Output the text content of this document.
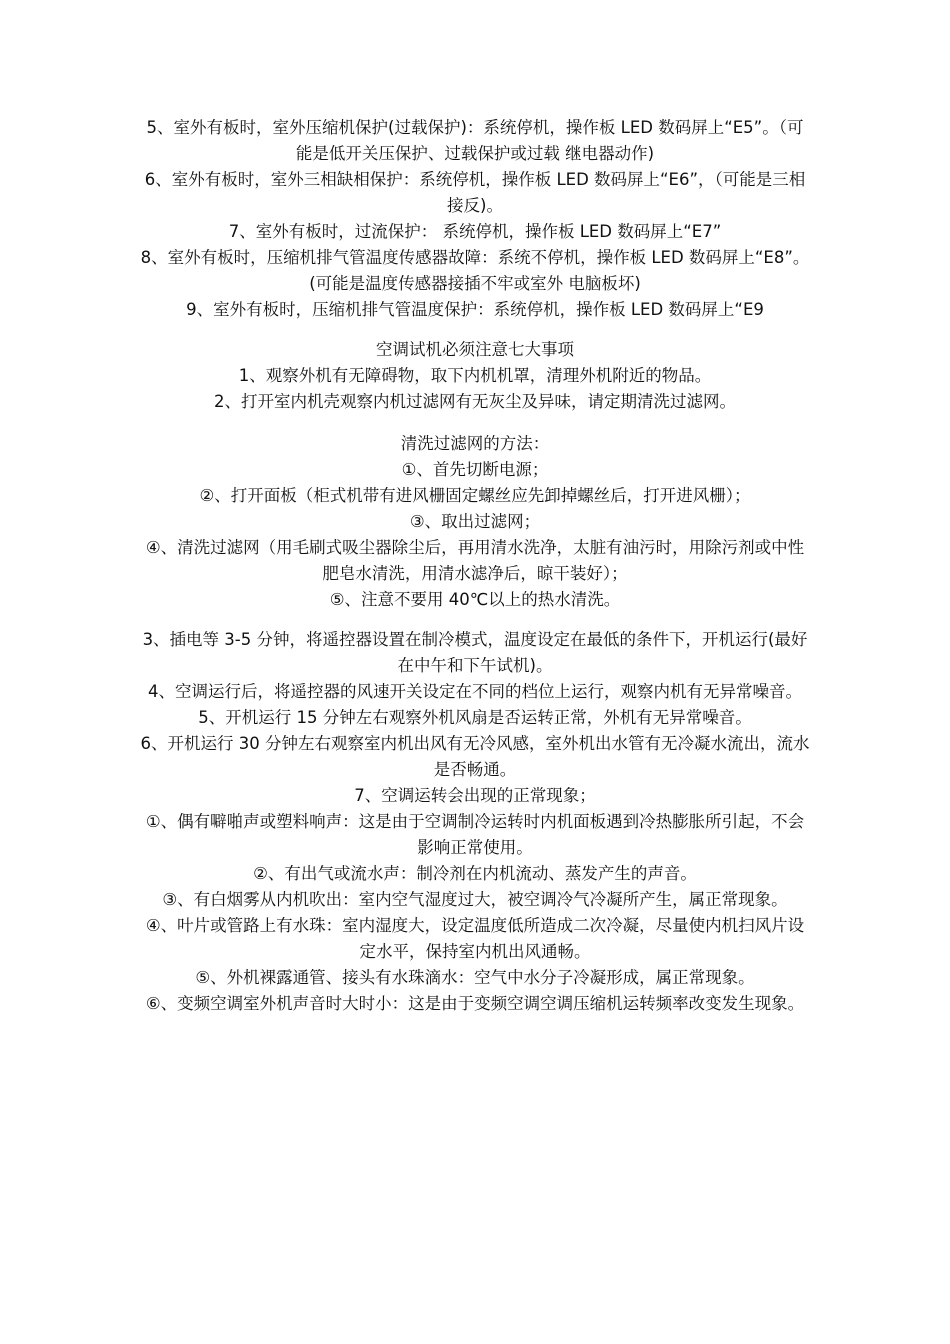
5、室外有板时，室外压缩机保护(过载保护)：系统停机，操作板 LED 数码屏上“E5”。（可能是低开关压保护、过载保护或过载 继电器动作)

6、室外有板时，室外三相缺相保护：系统停机，操作板 LED 数码屏上“E6”，（可能是三相接反)。

7、室外有板时，过流保护： 系统停机，操作板 LED 数码屏上“E7”

8、室外有板时，压缩机排气管温度传感器故障：系统不停机，操作板 LED 数码屏上“E8”。

(可能是温度传感器接插不牢或室外 电脑板坏)

9、室外有板时，压缩机排气管温度保护：系统停机，操作板 LED 数码屏上“E9

空调试机必须注意七大事项

1、观察外机有无障碍物，取下内机机罩，清理外机附近的物品。

2、打开室内机壳观察内机过滤网有无灰尘及异味，请定期清洗过滤网。

清洗过滤网的方法：

①、首先切断电源；

②、打开面板（柜式机带有进风栅固定螺丝应先卸掉螺丝后，打开进风栅）；

③、取出过滤网；

④、清洗过滤网（用毛刷式吸尘器除尘后，再用清水洗净，太脏有油污时，用除污剂或中性肥皂水清洗，用清水滤净后，晾干装好）；

⑤、注意不要用 40℃以上的热水清洗。

3、插电等 3-5 分钟，将遥控器设置在制冷模式，温度设定在最低的条件下，开机运行(最好在中午和下午试机)。

4、空调运行后，将遥控器的风速开关设定在不同的档位上运行，观察内机有无异常噪音。

5、开机运行 15 分钟左右观察外机风扇是否运转正常，外机有无异常噪音。

6、开机运行 30 分钟左右观察室内机出风有无冷风感，室外机出水管有无冷凝水流出，流水是否畅通。

7、空调运转会出现的正常现象；

①、偶有噼啪声或塑料响声：这是由于空调制冷运转时内机面板遇到冷热膨胀所引起，不会影响正常使用。

②、有出气或流水声：制冷剂在内机流动、蒸发产生的声音。

③、有白烟雾从内机吹出：室内空气湿度过大，被空调冷气冷凝所产生，属正常现象。

④、叶片或管路上有水珠：室内湿度大，设定温度低所造成二次冷凝，尽量使内机扫风片设定水平，保持室内机出风通畅。

⑤、外机裸露通管、接头有水珠滴水：空气中水分子冷凝形成，属正常现象。

⑥、变频空调室外机声音时大时小：这是由于变频空调空调压缩机运转频率改变发生现象。
